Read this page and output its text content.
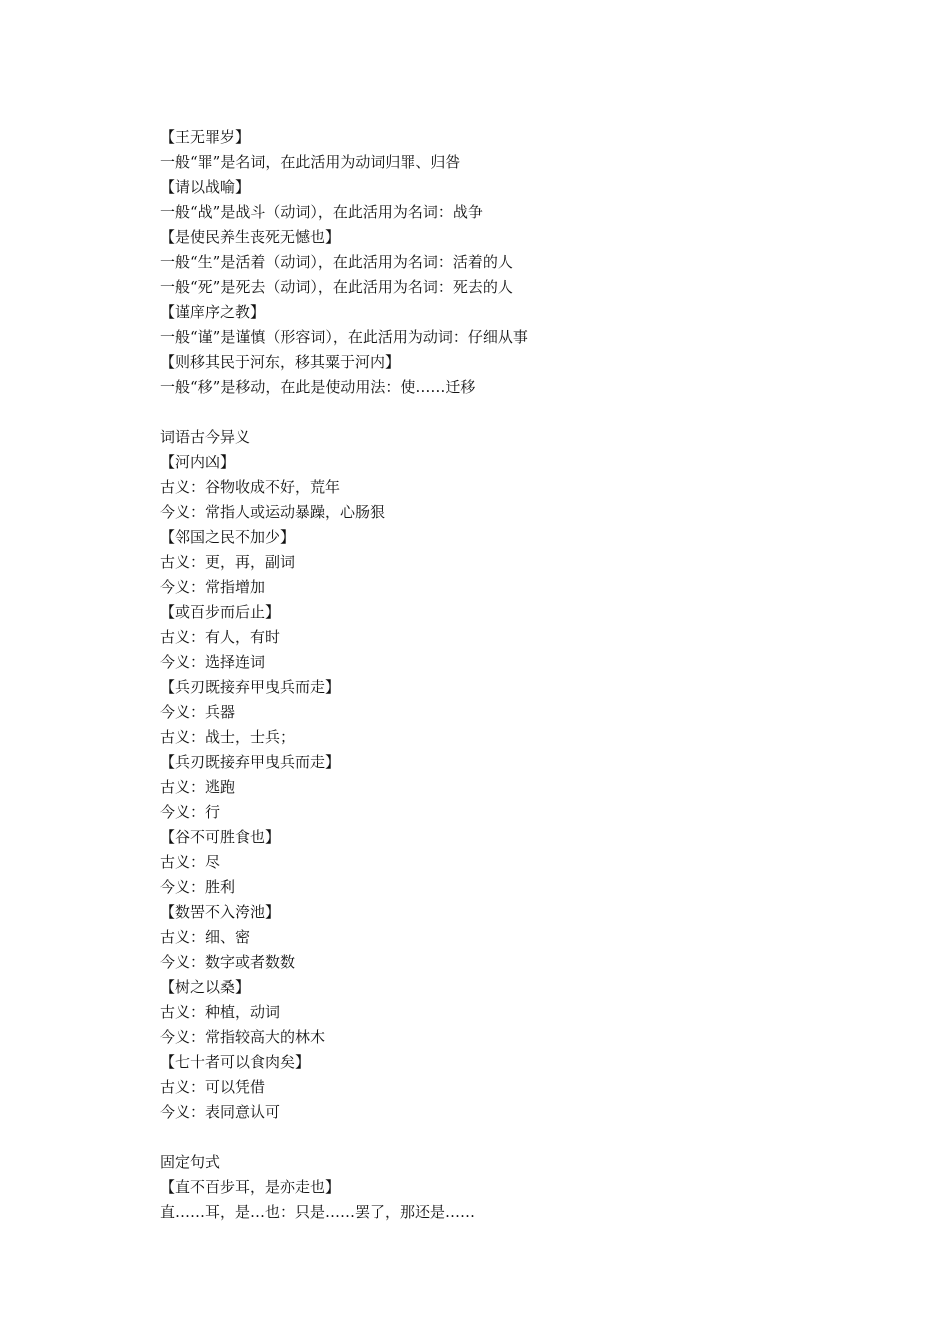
【王无罪岁】
一般“罪”是名词，在此活用为动词归罪、归咎
【请以战喻】
一般“战”是战斗（动词），在此活用为名词：战争
【是使民养生丧死无憾也】
一般“生”是活着（动词），在此活用为名词：活着的人
一般“死”是死去（动词），在此活用为名词：死去的人
【谨庠序之教】
一般“谨”是谨慎（形容词），在此活用为动词：仔细从事
【则移其民于河东，移其粟于河内】
一般“移”是移动，在此是使动用法：使……迁移
词语古今异义
【河内凶】
古义：谷物收成不好，荒年
今义：常指人或运动暴躁，心肠狠
【邻国之民不加少】
古义：更，再，副词
今义：常指增加
【或百步而后止】
古义：有人，有时
今义：选择连词
【兵刃既接弃甲曳兵而走】
今义：兵器
古义：战士，士兵；
【兵刃既接弃甲曳兵而走】
古义：逃跑
今义：行
【谷不可胜食也】
古义：尽
今义：胜利
【数罟不入洿池】
古义：细、密
今义：数字或者数数
【树之以桑】
古义：种植，动词
今义：常指较高大的林木
【七十者可以食肉矣】
古义：可以凭借
今义：表同意认可
固定句式
【直不百步耳，是亦走也】
直……耳，是…也：只是……罢了，那还是……
